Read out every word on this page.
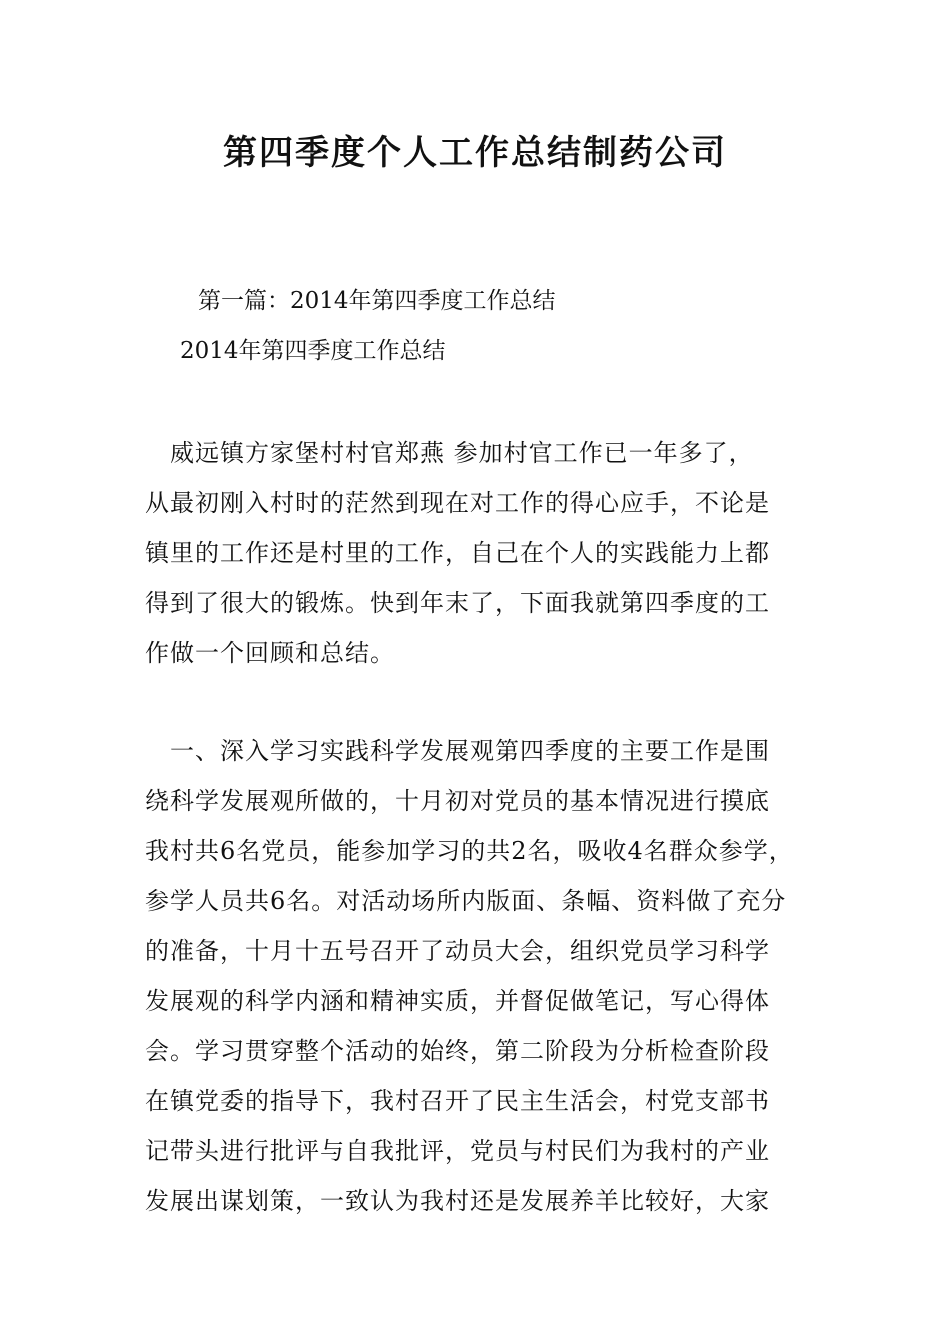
第四季度个人工作总结制药公司

第一篇：2014年第四季度工作总结

2014年第四季度工作总结

　威远镇方家堡村村官郑燕 参加村官工作已一年多了，
从最初刚入村时的茫然到现在对工作的得心应手，不论是
镇里的工作还是村里的工作，自己在个人的实践能力上都
得到了很大的锻炼。快到年末了，下面我就第四季度的工
作做一个回顾和总结。
　一、深入学习实践科学发展观第四季度的主要工作是围
绕科学发展观所做的，十月初对党员的基本情况进行摸底
我村共6名党员，能参加学习的共2名，吸收4名群众参学，
参学人员共6名。对活动场所内版面、条幅、资料做了充分
的准备，十月十五号召开了动员大会，组织党员学习科学
发展观的科学内涵和精神实质，并督促做笔记，写心得体
会。学习贯穿整个活动的始终，第二阶段为分析检查阶段
在镇党委的指导下，我村召开了民主生活会，村党支部书
记带头进行批评与自我批评，党员与村民们为我村的产业
发展出谋划策，一致认为我村还是发展养羊比较好，大家
